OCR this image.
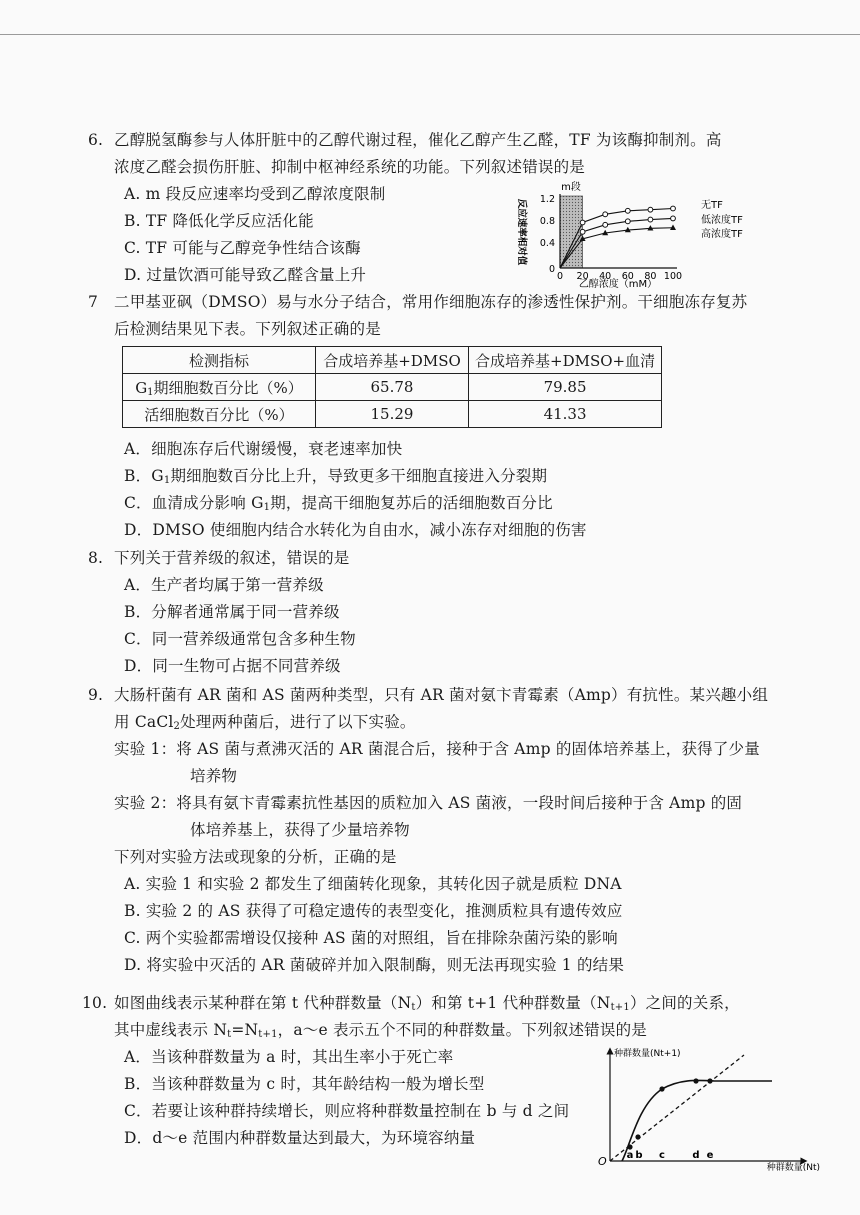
6. 乙醇脱氢酶参与人体肝脏中的乙醇代谢过程，催化乙醇产生乙醛，TF 为该酶抑制剂。高
浓度乙醛会损伤肝脏、抑制中枢神经系统的功能。下列叙述错误的是
A. m 段反应速率均受到乙醇浓度限制
B. TF 降低化学反应活化能
C. TF 可能与乙醇竞争性结合该酶
D. 过量饮酒可能导致乙醛含量上升
m段
反应速率相对值
乙醇浓度（mM）
0
0.4
0.8
1.2
0 20 40 60 80 100
无TF
低浓度TF
高浓度TF
7 二甲基亚砜（DMSO）易与水分子结合，常用作细胞冻存的渗透性保护剂。干细胞冻存复苏
后检测结果见下表。下列叙述正确的是
检测指标	合成培养基+DMSO	合成培养基+DMSO+血清
$G_1$期细胞数百分比（%）	65.78	79.85
活细胞数百分比（%）	15.29	41.33
A．细胞冻存后代谢缓慢，衰老速率加快
B．$G_1$期细胞数百分比上升，导致更多干细胞直接进入分裂期
C．血清成分影响 $G_1$期，提高干细胞复苏后的活细胞数百分比
D．DMSO 使细胞内结合水转化为自由水，减小冻存对细胞的伤害
8. 下列关于营养级的叙述，错误的是
A．生产者均属于第一营养级
B．分解者通常属于同一营养级
C．同一营养级通常包含多种生物
D．同一生物可占据不同营养级
9. 大肠杆菌有 AR 菌和 AS 菌两种类型，只有 AR 菌对氨卞青霉素（Amp）有抗性。某兴趣小组
用 CaCl$_2$处理两种菌后，进行了以下实验。
实验 1：将 AS 菌与煮沸灭活的 AR 菌混合后，接种于含 Amp 的固体培养基上，获得了少量
培养物
实验 2：将具有氨卞青霉素抗性基因的质粒加入 AS 菌液，一段时间后接种于含 Amp 的固
体培养基上，获得了少量培养物
下列对实验方法或现象的分析，正确的是
A. 实验 1 和实验 2 都发生了细菌转化现象，其转化因子就是质粒 DNA
B. 实验 2 的 AS 获得了可稳定遗传的表型变化，推测质粒具有遗传效应
C. 两个实验都需增设仅接种 AS 菌的对照组，旨在排除杂菌污染的影响
D. 将实验中灭活的 AR 菌破碎并加入限制酶，则无法再现实验 1 的结果
10. 如图曲线表示某种群在第 t 代种群数量$(N_t)$和第 t+1 代种群数量$(N_{t+1})$之间的关系，
其中虚线表示 $N_t=N_{t+1}$，a～e 表示五个不同的种群数量。下列叙述错误的是
A．当该种群数量为 a 时，其出生率小于死亡率
B．当该种群数量为 c 时，其年龄结构一般为增长型
C．若要让该种群持续增长，则应将种群数量控制在 b 与 d 之间
D．d～e 范围内种群数量达到最大，为环境容纳量
种群数量(Nt+1)
种群数量(Nt)
O a b c	d e
